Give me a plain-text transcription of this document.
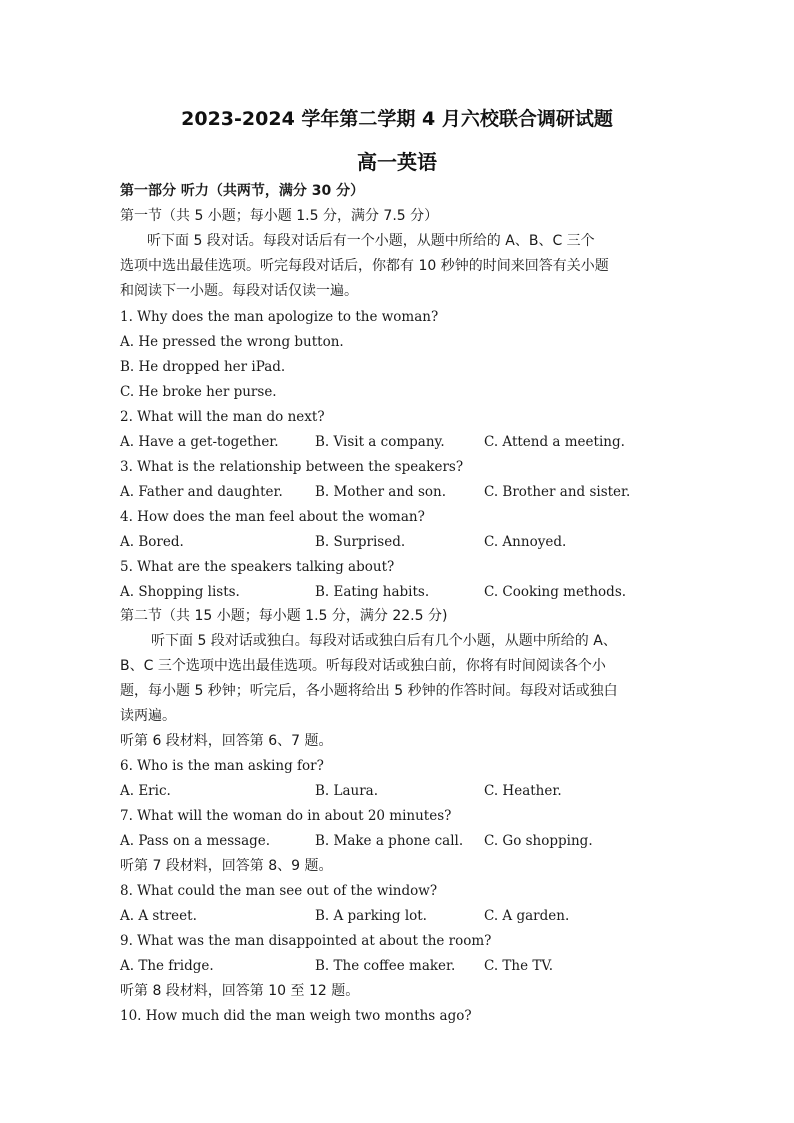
2023-2024 学年第二学期 4 月六校联合调研试题
高一英语
第一部分 听力（共两节，满分 30 分）
第一节（共 5 小题；每小题 1.5 分，满分 7.5 分）
听下面 5 段对话。每段对话后有一个小题，从题中所给的 A、B、C 三个
选项中选出最佳选项。听完每段对话后，你都有 10 秒钟的时间来回答有关小题
和阅读下一小题。每段对话仅读一遍。
1. Why does the man apologize to the woman?
A. He pressed the wrong button.
B. He dropped her iPad.
C. He broke her purse.
2. What will the man do next?
A. Have a get-together.	B. Visit a company.	C. Attend a meeting.
3. What is the relationship between the speakers?
A. Father and daughter. B. Mother and son.	C. Brother and sister.
4. How does the man feel about the woman?
A. Bored.	B. Surprised.	C. Annoyed.
5. What are the speakers talking about?
A. Shopping lists.	B. Eating habits.	C. Cooking methods.
第二节（共 15 小题；每小题 1.5 分，满分 22.5 分)
听下面 5 段对话或独白。每段对话或独白后有几个小题，从题中所给的 A、
B、C 三个选项中选出最佳选项。听每段对话或独白前，你将有时间阅读各个小
题，每小题 5 秒钟；听完后，各小题将给出 5 秒钟的作答时间。每段对话或独白
读两遍。
听第 6 段材料，回答第 6、7 题。
6. Who is the man asking for?
A. Eric.	B. Laura.	C. Heather.
7. What will the woman do in about 20 minutes?
A. Pass on a message.	B. Make a phone call. C. Go shopping.
听第 7 段材料，回答第 8、9 题。
8. What could the man see out of the window?
A. A street.	B. A parking lot.	C. A garden.
9. What was the man disappointed at about the room?
A. The fridge.	B. The coffee maker. C. The TV.
听第 8 段材料，回答第 10 至 12 题。
10. How much did the man weigh two months ago?
